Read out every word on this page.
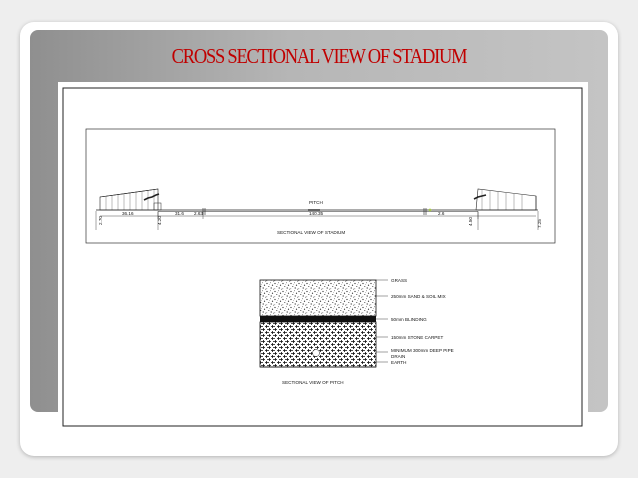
CROSS SECTIONAL VIEW OF STADIUM
PITCH
36.16	31.6 2.63	140.35	2.6
2.70	4.20	4.50	7.25
SECTIONAL VIEW OF STADIUM
GRASS
250mm SAND & SOIL MIX
50mm BLINDING
150mm STONE CARPET
MINIMUM 300mm DEEP PIPE
DRAIN
EARTH
SECTIONAL VIEW OF PITCH
